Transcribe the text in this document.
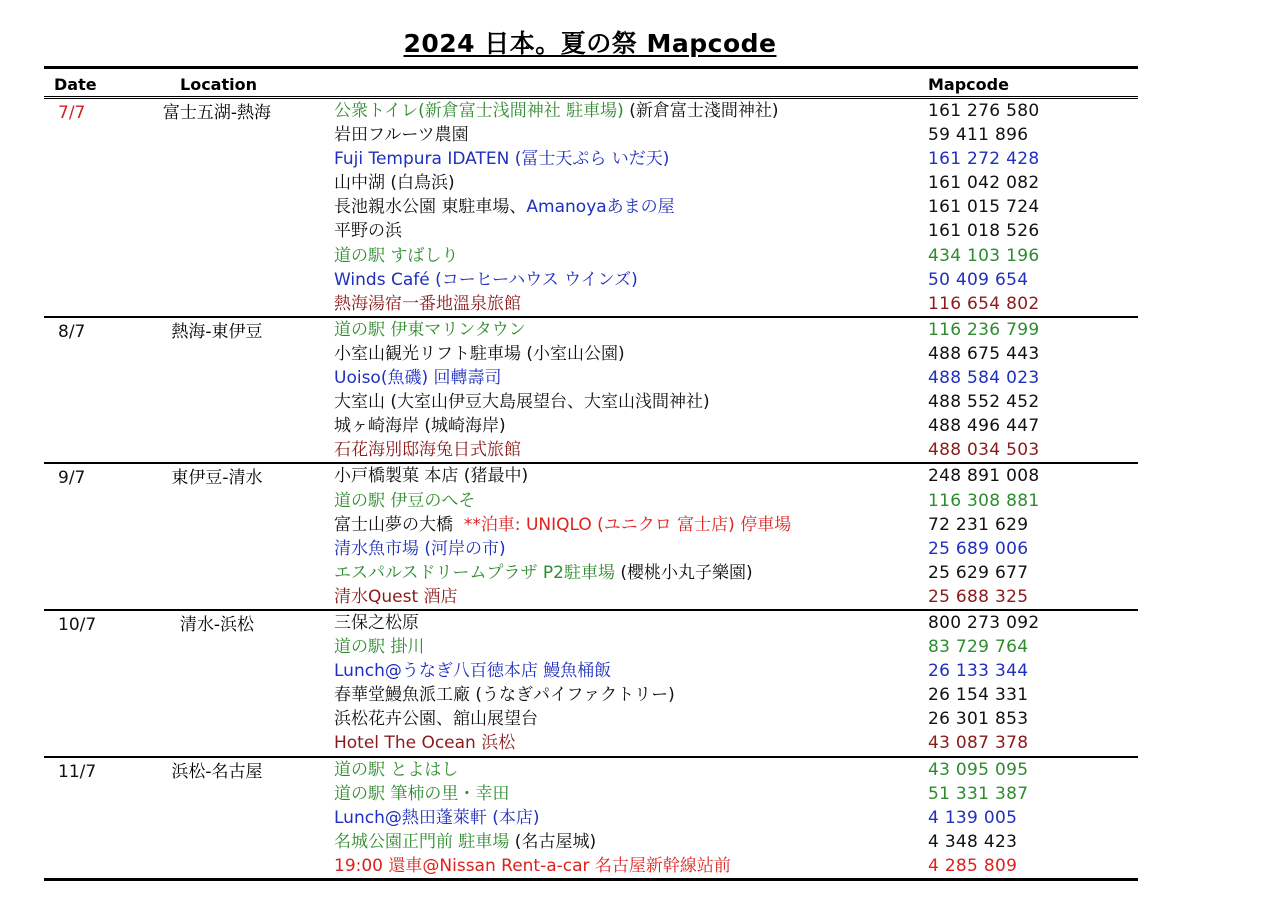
2024 日本。夏の祭 Mapcode
Date	Location	Mapcode
7/7	富士五湖-熱海	公衆トイレ(新倉富士浅間神社 駐車場) (新倉富士淺間神社)	161 276 580
岩田フルーツ農園	59 411 896
Fuji Tempura IDATEN (冨士天ぷら いだ天)	161 272 428
山中湖 (白鳥浜)	161 042 082
長池親水公園 東駐車場、Amanoyaあまの屋	161 015 724
平野の浜	161 018 526
道の駅 すばしり	434 103 196
Winds Café (コーヒーハウス ウインズ)	50 409 654
熱海湯宿一番地溫泉旅館	116 654 802
8/7	熱海-東伊豆	道の駅 伊東マリンタウン	116 236 799
小室山観光リフト駐車場 (小室山公園)	488 675 443
Uoiso(魚磯) 回轉壽司	488 584 023
大室山 (大室山伊豆大島展望台、大室山浅間神社)	488 552 452
城ヶ崎海岸 (城崎海岸)	488 496 447
石花海別邸海兔日式旅館	488 034 503
9/7	東伊豆-清水	小戸橋製菓 本店 (猪最中)	248 891 008
道の駅 伊豆のへそ	116 308 881
富士山夢の大橋  **泊車: UNIQLO (ユニクロ 富士店) 停車場	72 231 629
清水魚市場 (河岸の市)	25 689 006
エスパルスドリームプラザ P2駐車場 (櫻桃小丸子樂園)	25 629 677
清水Quest 酒店	25 688 325
10/7	清水-浜松	三保之松原	800 273 092
道の駅 掛川	83 729 764
Lunch@うなぎ八百徳本店 鰻魚桶飯	26 133 344
春華堂鰻魚派工廠 (うなぎパイファクトリー)	26 154 331
浜松花卉公園、舘山展望台	26 301 853
Hotel The Ocean 浜松	43 087 378
11/7	浜松-名古屋	道の駅 とよはし	43 095 095
道の駅 筆柿の里・幸田	51 331 387
Lunch@熱田蓬萊軒 (本店)	4 139 005
名城公園正門前 駐車場 (名古屋城)	4 348 423
19:00 還車@Nissan Rent-a-car 名古屋新幹線站前	4 285 809
